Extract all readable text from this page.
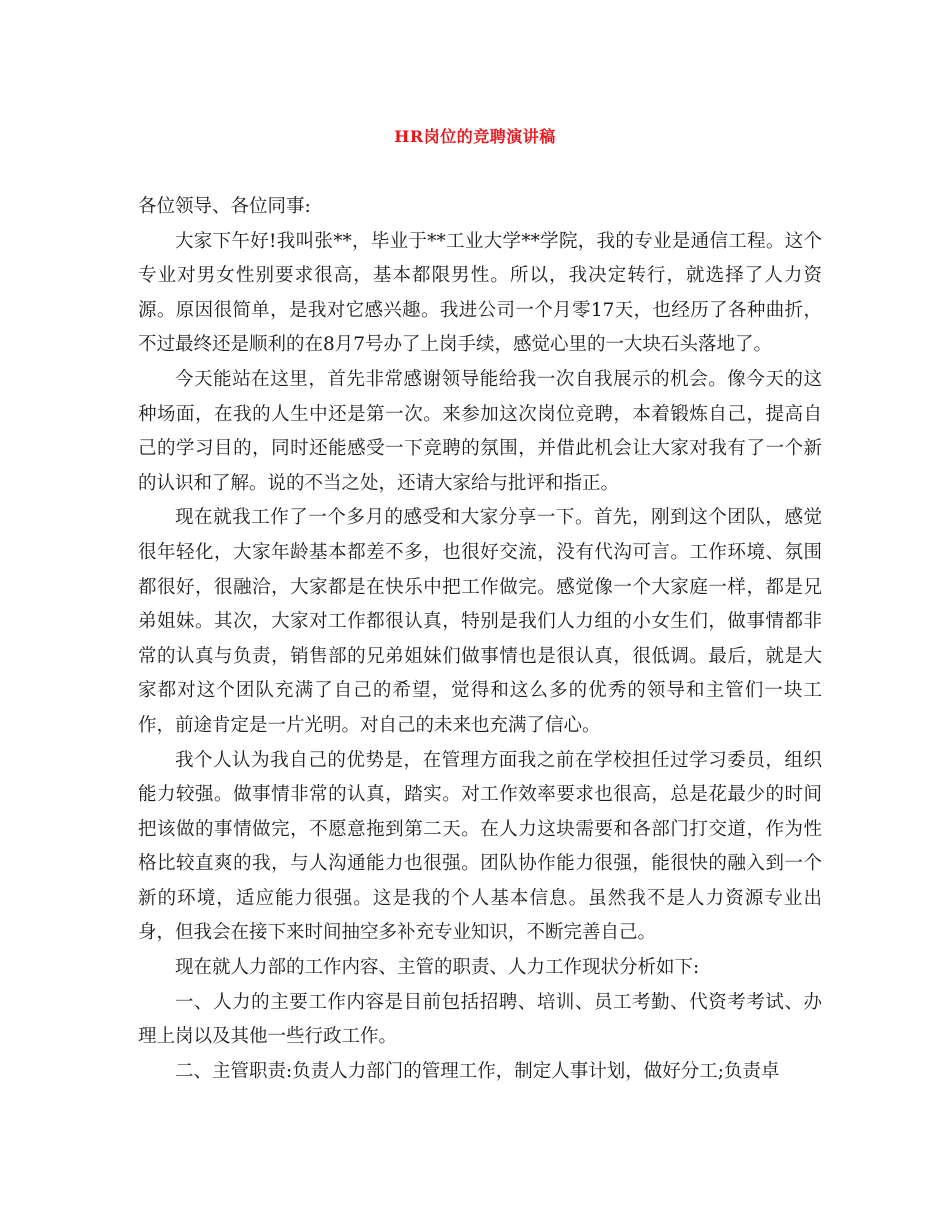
HR岗位的竞聘演讲稿

各位领导、各位同事:

大家下午好!我叫张**，毕业于**工业大学**学院，我的专业是通信工程。这个专业对男女性别要求很高，基本都限男性。所以，我决定转行，就选择了人力资源。原因很简单，是我对它感兴趣。我进公司一个月零17天，也经历了各种曲折，不过最终还是顺利的在8月7号办了上岗手续，感觉心里的一大块石头落地了。

今天能站在这里，首先非常感谢领导能给我一次自我展示的机会。像今天的这种场面，在我的人生中还是第一次。来参加这次岗位竞聘，本着锻炼自己，提高自己的学习目的，同时还能感受一下竞聘的氛围，并借此机会让大家对我有了一个新的认识和了解。说的不当之处，还请大家给与批评和指正。

现在就我工作了一个多月的感受和大家分享一下。首先，刚到这个团队，感觉很年轻化，大家年龄基本都差不多，也很好交流，没有代沟可言。工作环境、氛围都很好，很融洽，大家都是在快乐中把工作做完。感觉像一个大家庭一样，都是兄弟姐妹。其次，大家对工作都很认真，特别是我们人力组的小女生们，做事情都非常的认真与负责，销售部的兄弟姐妹们做事情也是很认真，很低调。最后，就是大家都对这个团队充满了自己的希望，觉得和这么多的优秀的领导和主管们一块工作，前途肯定是一片光明。对自己的未来也充满了信心。

我个人认为我自己的优势是，在管理方面我之前在学校担任过学习委员，组织能力较强。做事情非常的认真，踏实。对工作效率要求也很高，总是花最少的时间把该做的事情做完，不愿意拖到第二天。在人力这块需要和各部门打交道，作为性格比较直爽的我，与人沟通能力也很强。团队协作能力很强，能很快的融入到一个新的环境，适应能力很强。这是我的个人基本信息。虽然我不是人力资源专业出身，但我会在接下来时间抽空多补充专业知识，不断完善自己。

现在就人力部的工作内容、主管的职责、人力工作现状分析如下:

一、人力的主要工作内容是目前包括招聘、培训、员工考勤、代资考考试、办理上岗以及其他一些行政工作。

二、主管职责:负责人力部门的管理工作，制定人事计划，做好分工;负责卓
